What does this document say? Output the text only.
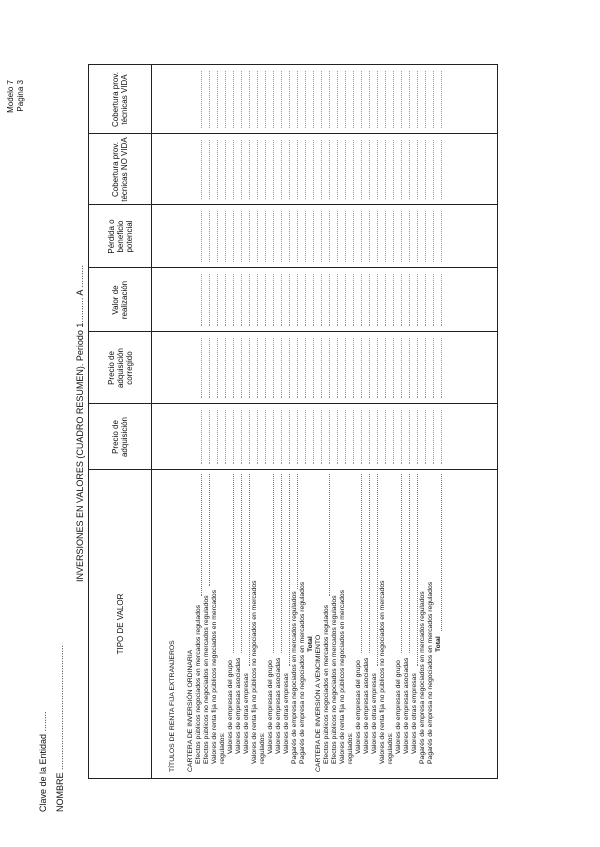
Modelo 7 Pagina 3
Clave de la Entidad ........ NOMBRE ..................................................
INVERSIONES EN VALORES (CUADRO RESUMEN). Periodo 1.......... A .........
TIPO DE VALOR
Precio de adquisición
Precio de adquisición corregido
Valor de realización
Pérdida o beneficio potencial
Cobertura prov. técnicas NO VIDA
Cobertura prov. técnicas VIDA
TÍTULOS DE RENTA FIJA EXTRANJEROS CARTERA DE INVERSIÓN ORDINARIA Efectos públicos negociados en mercados regulados Efectos públicos no negociados en mercados regulados Valores de renta fija no públicos negociados en mercados regulados: Valores de empresas del grupo Valores de empresas asociadas Valores de otras empresas Valores de renta fija no públicos no negociados en mercados regulados: Valores de empresas del grupo Valores de empresas asociadas Valores de otras empresas Pagarés de empresa negociados en mercados regulados Pagarés de empresa no negociados en mercados regulados Total CARTERA DE INVERSIÓN A VENCIMIENTO Efectos públicos negociados en mercados regulados Efectos públicos no negociados en mercados regulados Valores de renta fija no públicos negociados en mercados regulados: Valores de empresas del grupo Valores de empresas asociadas Valores de otras empresas Valores de renta fija no públicos no negociados en mercados regulados: Valores de empresas del grupo Valores de empresas asociadas Valores de otras empresas Pagarés de empresa negociados en mercados regulados Pagarés de empresa no negociados en mercados regulados Total
